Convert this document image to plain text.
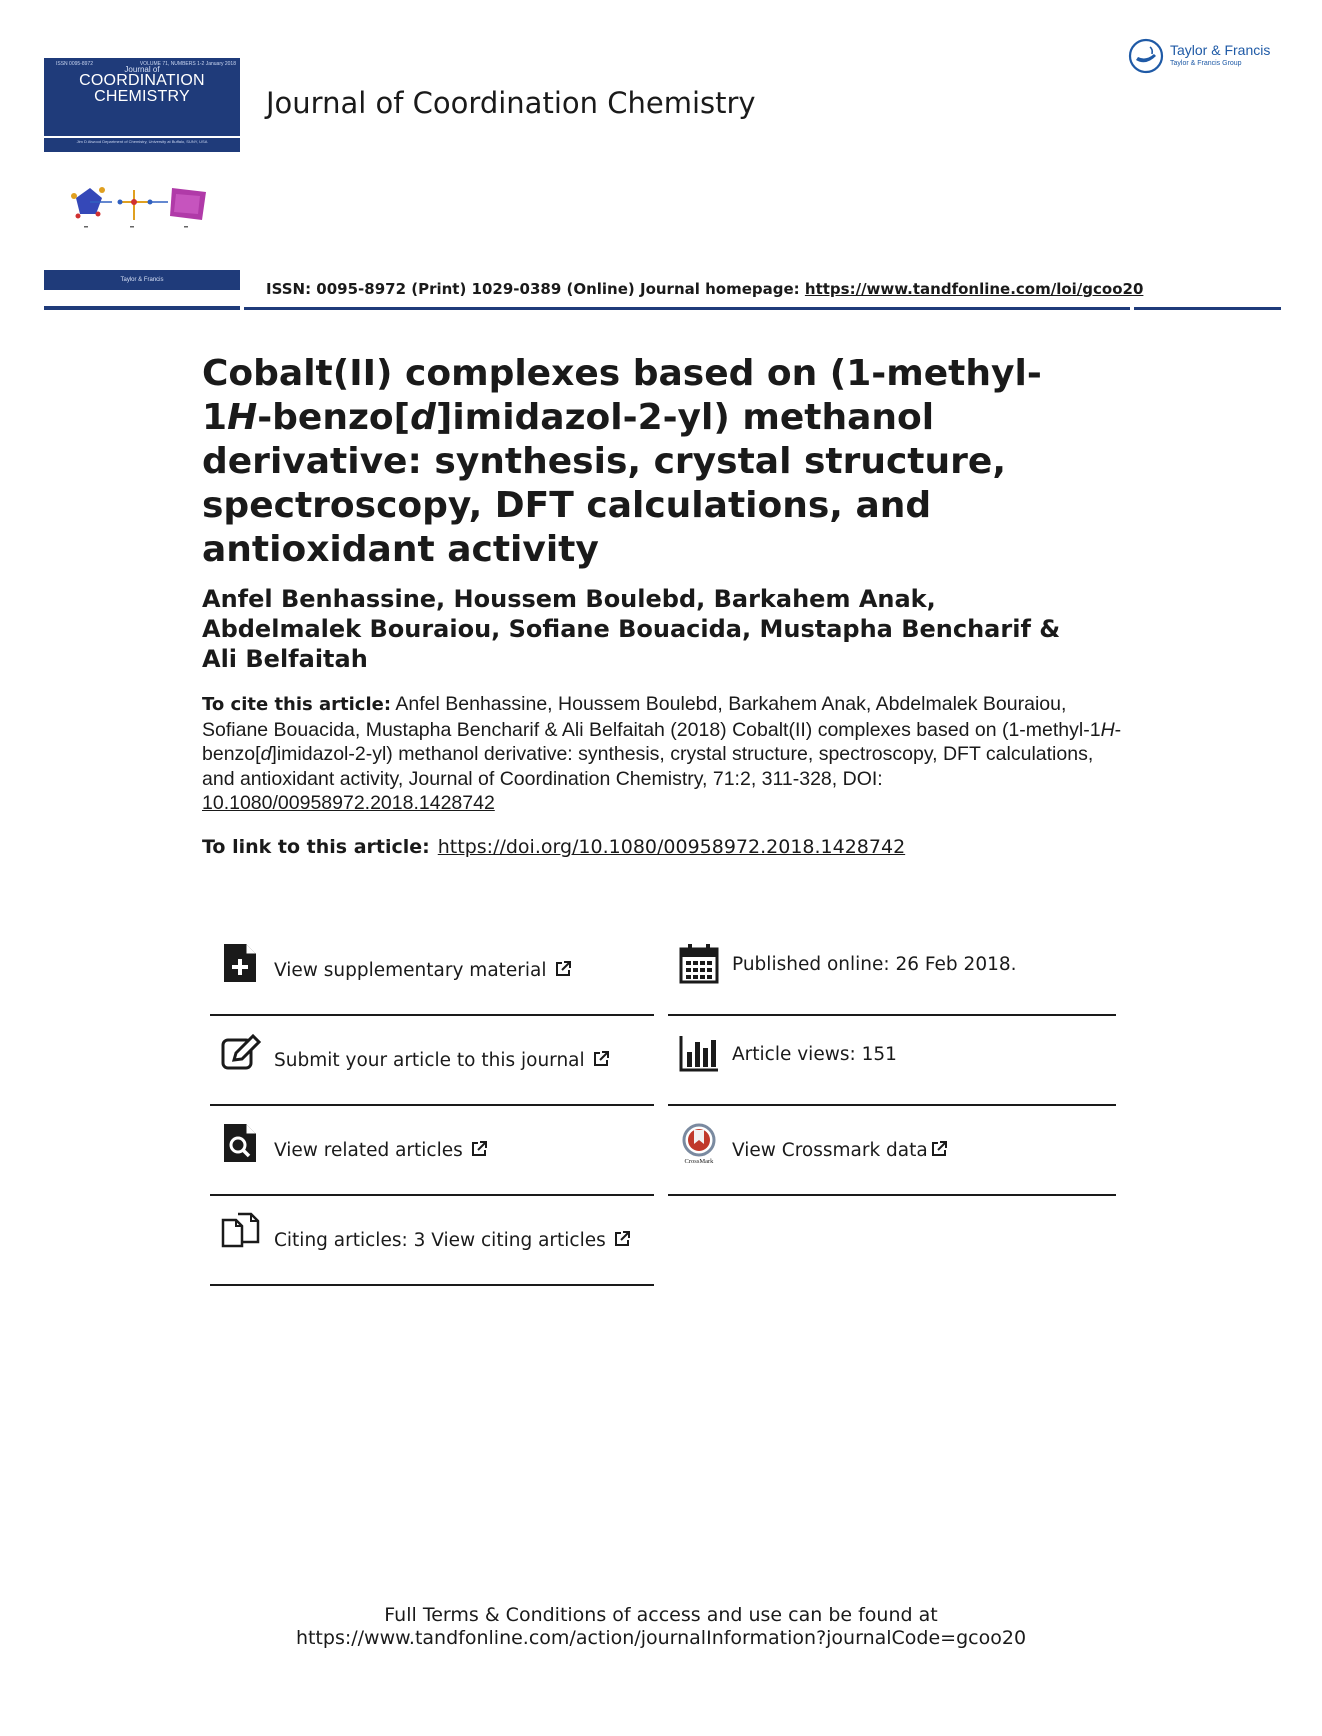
ISSN 0095-8972	VOLUME 71, NUMBERS 1-2 January 2018
Journal of
COORDINATION
CHEMISTRY
Jim D Atwood Department of Chemistry, University at Buffalo, SUNY, USA
Taylor & Francis
Taylor & Francis
Taylor & Francis Group
Journal of Coordination Chemistry
ISSN: 0095-8972 (Print) 1029-0389 (Online) Journal homepage: https://www.tandfonline.com/loi/gcoo20
Cobalt(II) complexes based on (1-methyl-1H-benzo[d]imidazol-2-yl) methanol derivative: synthesis, crystal structure, spectroscopy, DFT calculations, and antioxidant activity
Anfel Benhassine, Houssem Boulebd, Barkahem Anak, Abdelmalek Bouraiou, Sofiane Bouacida, Mustapha Bencharif & Ali Belfaitah
To cite this article: Anfel Benhassine, Houssem Boulebd, Barkahem Anak, Abdelmalek Bouraiou, Sofiane Bouacida, Mustapha Bencharif & Ali Belfaitah (2018) Cobalt(II) complexes based on (1-methyl-1H-benzo[d]imidazol-2-yl) methanol derivative: synthesis, crystal structure, spectroscopy, DFT calculations, and antioxidant activity, Journal of Coordination Chemistry, 71:2, 311-328, DOI: 10.1080/00958972.2018.1428742
To link to this article: https://doi.org/10.1080/00958972.2018.1428742
View supplementary material
Submit your article to this journal
View related articles
Citing articles: 3 View citing articles
Published online: 26 Feb 2018.
Article views: 151
CrossMark
View Crossmark data
Full Terms & Conditions of access and use can be found at
https://www.tandfonline.com/action/journalInformation?journalCode=gcoo20
